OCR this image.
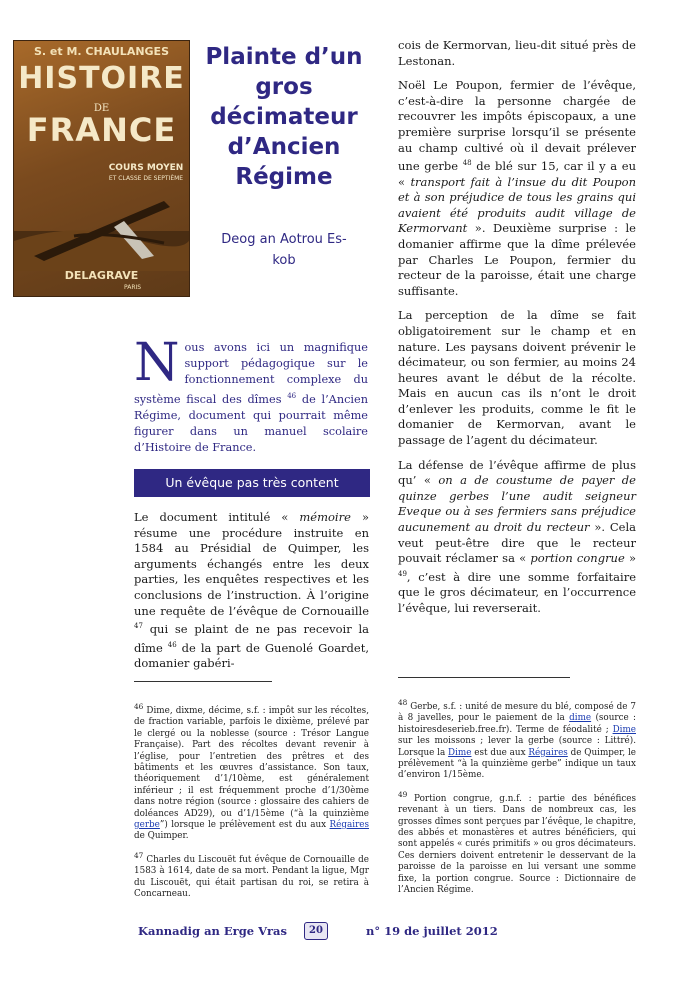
S. et M. CHAULANGES
HISTOIRE
DE
FRANCE
COURS MOYEN
ET CLASSE DE SEPTIÈME
DELAGRAVE
PARIS
Plainte d’un
gros
décimateur
d’Ancien
Régime
Deog an Aotrou Es-
kob
Nous avons ici un magnifique support pédagogique sur le fonctionnement complexe du système fiscal des dîmes $^{46}$ de l’Ancien Régime, document qui pourrait même figurer dans un manuel scolaire d’Histoire de France.
Un évêque pas très content

Le document intitulé « mémoire » résume une procédure instruite en 1584 au Présidial de Quimper, les arguments échangés entre les deux parties, les enquêtes respectives et les conclusions de l’instruction. À l’origine une requête de l’évêque de Cornouaille $^{47}$ qui se plaint de ne pas recevoir la dîme $^{46}$ de la part de Guenolé Goardet, domanier gabéri-

cois de Kermorvan, lieu-dit situé près de Lestonan.

Noël Le Poupon, fermier de l’évêque, c’est-à-dire la personne chargée de recouvrer les impôts épiscopaux, a une première surprise lorsqu’il se présente au champ cultivé où il devait prélever une gerbe $^{48}$ de blé sur 15, car il y a eu « transport fait à l’insue du dit Poupon et à son préjudice de tous les grains qui avaient été produits audit village de Kermorvant ». Deuxième surprise : le domanier affirme que la dîme prélevée par Charles Le Poupon, fermier du recteur de la paroisse, était une charge suffisante.

La perception de la dîme se fait obligatoirement sur le champ et en nature. Les paysans doivent prévenir le décimateur, ou son fermier, au moins 24 heures avant le début de la récolte. Mais en aucun cas ils n’ont le droit d’enlever les produits, comme le fit le domanier de Kermorvan, avant le passage de l’agent du décimateur.

La défense de l’évêque affirme de plus qu’ « on a de coustume de payer de quinze gerbes l’une audit seigneur Eveque ou à ses fermiers sans préjudice aucunement au droit du recteur ». Cela veut peut-être dire que le recteur pouvait réclamer sa « portion congrue » $^{49}$, c’est à dire une somme forfaitaire que le gros décimateur, en l’occurrence l’évêque, lui reverserait.

$^{46}$ Dime, dixme, décime, s.f. : impôt sur les récoltes, de fraction variable, parfois le dixième, prélevé par le clergé ou la noblesse (source : Trésor Langue Française). Part des récoltes devant revenir à l’église, pour l’entretien des prêtres et des bâtiments et les œuvres d’assistance. Son taux, théoriquement d’1/10ème, est généralement inférieur ; il est fréquemment proche d’1/30ème dans notre région (source : glossaire des cahiers de doléances AD29), ou d’1/15ème (“à la quinzième gerbe”) lorsque le prélèvement est du aux Régaires de Quimper.

$^{47}$ Charles du Liscouët fut évêque de Cornouaille de 1583 à 1614, date de sa mort. Pendant la ligue, Mgr du Liscouët, qui était partisan du roi, se retira à Concarneau.

$^{48}$ Gerbe, s.f. : unité de mesure du blé, composé de 7 à 8 javelles, pour le paiement de la dime (source : histoiresdeserieb.free.fr). Terme de féodalité ; Dime sur les moissons ; lever la gerbe (source : Littré). Lorsque la Dime est due aux Régaires de Quimper, le prélèvement “à la quinzième gerbe” indique un taux d’environ 1/15ème.

$^{49}$ Portion congrue, g.n.f. : partie des bénéfices revenant à un tiers. Dans de nombreux cas, les grosses dîmes sont perçues par l’évêque, le chapitre, des abbés et monastères et autres bénéficiers, qui sont appelés « curés primitifs » ou gros décimateurs. Ces derniers doivent entretenir le desservant de la paroisse de la paroisse en lui versant une somme fixe, la portion congrue. Source : Dictionnaire de l’Ancien Régime.

Kannadig an Erge Vras	20	n° 19 de juillet 2012
